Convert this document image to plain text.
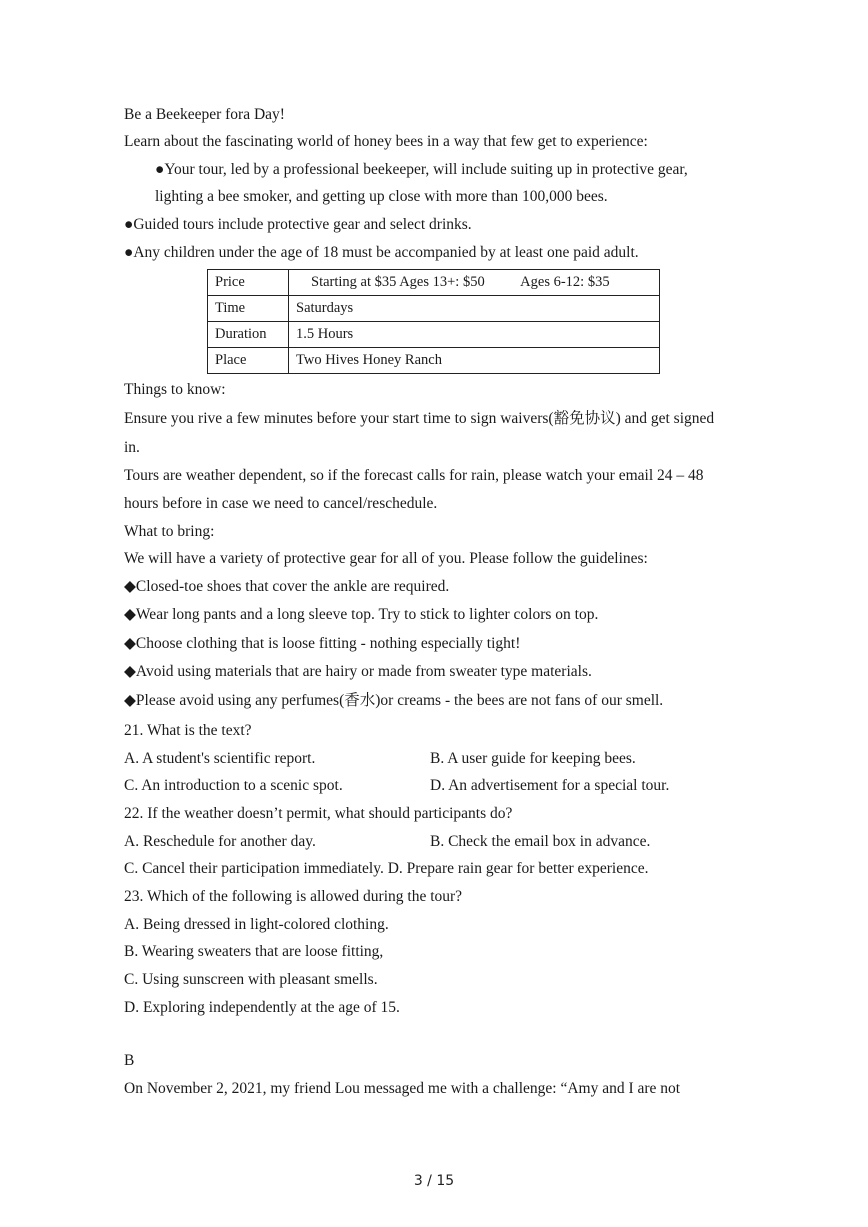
Be a Beekeeper fora Day!
Learn about the fascinating world of honey bees in a way that few get to experience:
●Your tour, led by a professional beekeeper, will include suiting up in protective gear,
lighting a bee smoker, and getting up close with more than 100,000 bees.
●Guided tours include protective gear and select drinks.
●Any children under the age of 18 must be accompanied by at least one paid adult.
Price	Starting at $35 Ages 13+: $50          Ages 6-12: $35
Time	Saturdays
Duration	1.5 Hours
Place	Two Hives Honey Ranch
Things to know:
Ensure you rive a few minutes before your start time to sign waivers(豁免协议) and get signed
in.
Tours are weather dependent, so if the forecast calls for rain, please watch your email 24 – 48
hours before in case we need to cancel/reschedule.
What to bring:
We will have a variety of protective gear for all of you. Please follow the guidelines:
◆Closed-toe shoes that cover the ankle are required.
◆Wear long pants and a long sleeve top. Try to stick to lighter colors on top.
◆Choose clothing that is loose fitting - nothing especially tight!
◆Avoid using materials that are hairy or made from sweater type materials.
◆Please avoid using any perfumes(香水)or creams - the bees are not fans of our smell.
21. What is the text?
A. A student's scientific report.	B. A user guide for keeping bees.
C. An introduction to a scenic spot.	D. An advertisement for a special tour.
22. If the weather doesn’t permit, what should participants do?
A. Reschedule for another day.	B. Check the email box in advance.
C. Cancel their participation immediately. D. Prepare rain gear for better experience.
23. Which of the following is allowed during the tour?
A. Being dressed in light-colored clothing.
B. Wearing sweaters that are loose fitting,
C. Using sunscreen with pleasant smells.
D. Exploring independently at the age of 15.
B
On November 2, 2021, my friend Lou messaged me with a challenge: “Amy and I are not
3 / 15
